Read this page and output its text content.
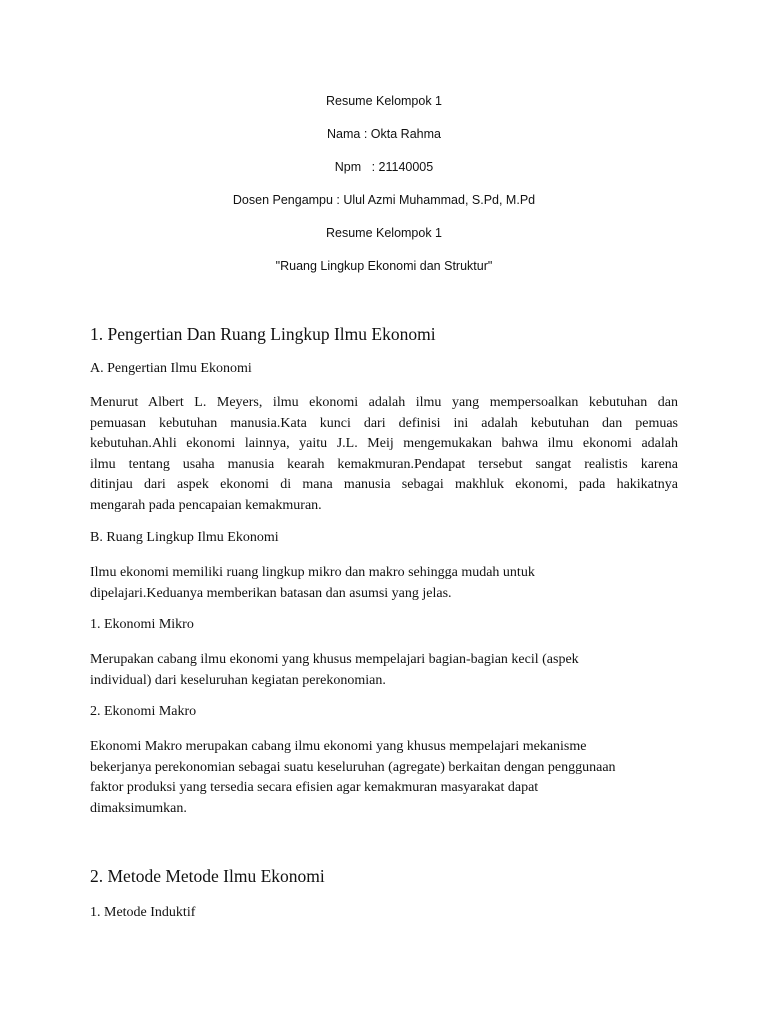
Resume Kelompok 1
Nama : Okta Rahma
Npm   : 21140005
Dosen Pengampu : Ulul Azmi Muhammad, S.Pd, M.Pd
Resume Kelompok 1
"Ruang Lingkup Ekonomi dan Struktur"
1. Pengertian Dan Ruang Lingkup Ilmu Ekonomi
A. Pengertian Ilmu Ekonomi
Menurut Albert L. Meyers, ilmu ekonomi adalah ilmu yang mempersoalkan kebutuhan dan
pemuasan kebutuhan manusia.Kata kunci dari definisi ini adalah kebutuhan dan pemuas
kebutuhan.Ahli ekonomi lainnya, yaitu J.L. Meij mengemukakan bahwa ilmu ekonomi adalah
ilmu tentang usaha manusia kearah kemakmuran.Pendapat tersebut sangat realistis karena
ditinjau dari aspek ekonomi di mana manusia sebagai makhluk ekonomi, pada hakikatnya
mengarah pada pencapaian kemakmuran.
B. Ruang Lingkup Ilmu Ekonomi
Ilmu ekonomi memiliki ruang lingkup mikro dan makro sehingga mudah untuk
dipelajari.Keduanya memberikan batasan dan asumsi yang jelas.
1. Ekonomi Mikro
Merupakan cabang ilmu ekonomi yang khusus mempelajari bagian-bagian kecil (aspek
individual) dari keseluruhan kegiatan perekonomian.
2. Ekonomi Makro
Ekonomi Makro merupakan cabang ilmu ekonomi yang khusus mempelajari mekanisme
bekerjanya perekonomian sebagai suatu keseluruhan (agregate) berkaitan dengan penggunaan
faktor produksi yang tersedia secara efisien agar kemakmuran masyarakat dapat
dimaksimumkan.
2. Metode Metode Ilmu Ekonomi
1. Metode Induktif
